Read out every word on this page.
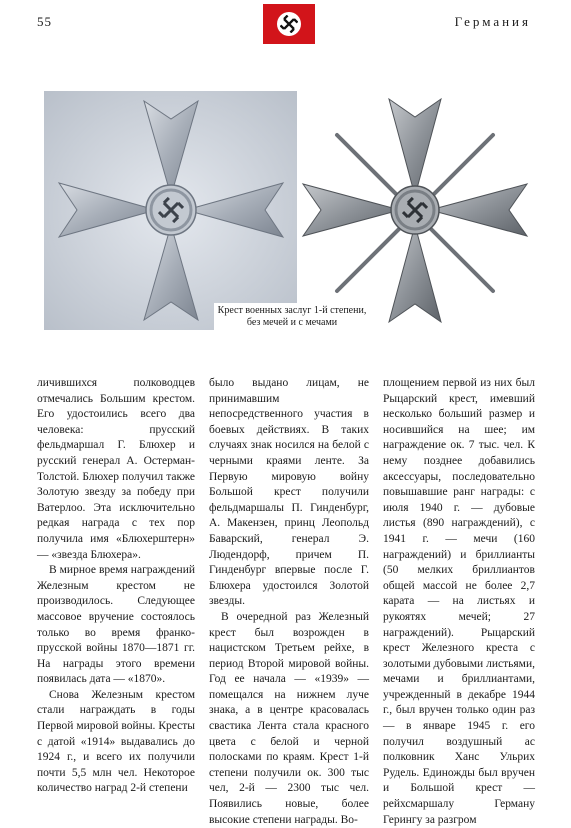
55	Германия
Крест военных заслуг 1-й степени,
без мечей и с мечами

личившихся полководцев отмечались Большим крестом. Его удостоились всего два человека: прусский фельдмаршал Г. Блюхер и русский генерал А. Остерман-Толстой. Блюхер получил также Золотую звезду за победу при Ватерлоо. Эта исключительно редкая награда с тех пор получила имя «Блюхерштерн» — «звезда Блюхера».

В мирное время награждений Железным крестом не производилось. Следующее массовое вручение состоялось только во время франко-прусской войны 1870—1871 гг. На награды этого времени появилась дата — «1870».

Снова Железным крестом стали награждать в годы Первой мировой войны. Кресты с датой «1914» выдавались до 1924 г., и всего их получили почти 5,5 млн чел. Некоторое количество наград 2-й степени

было выдано лицам, не принимавшим непосредственного участия в боевых действиях. В таких случаях знак носился на белой с черными краями ленте. За Первую мировую войну Большой крест получили фельдмаршалы П. Гинденбург, А. Макензен, принц Леопольд Баварский, генерал Э. Людендорф, причем П. Гинденбург впервые после Г. Блюхера удостоился Золотой звезды.

В очередной раз Железный крест был возрожден в нацистском Третьем рейхе, в период Второй мировой войны. Год ее начала — «1939» — помещался на нижнем луче знака, а в центре красовалась свастика Лента стала красного цвета с белой и черной полосками по краям. Крест 1-й степени получили ок. 300 тыс чел, 2-й — 2300 тыс чел. Появились новые, более высокие степени награды. Во-

площением первой из них был Рыцарский крест, имевший несколько больший размер и носившийся на шее; им награждение ок. 7 тыс. чел. К нему позднее добавились аксессуары, последовательно повышавшие ранг награды: с июля 1940 г. — дубовые листья (890 награждений), с 1941 г. — мечи (160 награждений) и бриллианты (50 мелких бриллиантов общей массой не более 2,7 карата — на листьях и рукоятях мечей; 27 награждений). Рыцарский крест Железного креста с золотыми дубовыми листьями, мечами и бриллиантами, учрежденный в декабре 1944 г., был вручен только один раз — в январе 1945 г. его получил воздушный ас полковник Ханс Ульрих Рудель. Единожды был вручен и Большой крест — рейхсмаршалу Герману Герингу за разгром
